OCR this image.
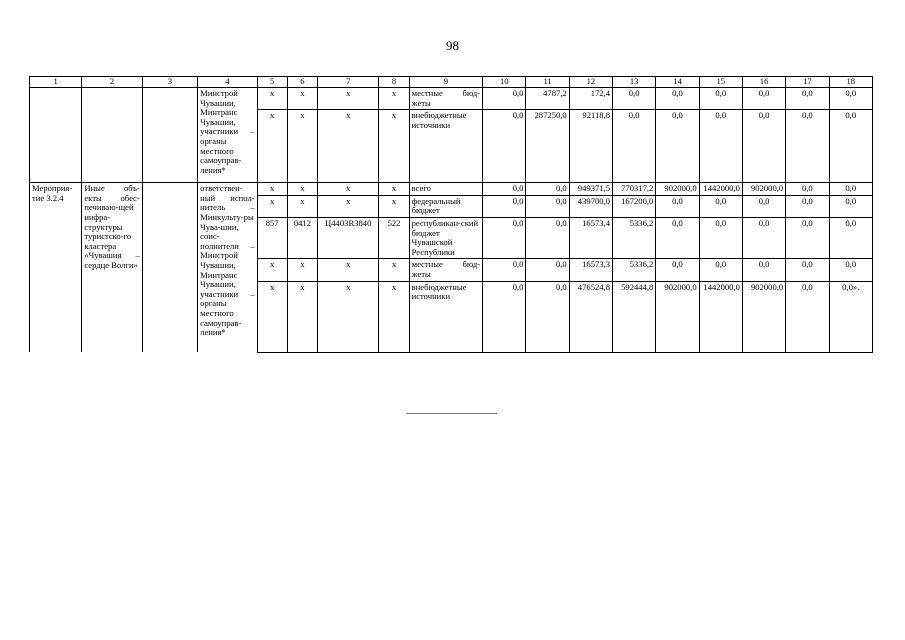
98
1	2	3	4	5	6	7	8	9	10	11	12	13	14	15	16	17	18
			Минстрой Чувашии, Минтранс Чувашии, участники – органы местного самоуправ-ления*	x	x	x	x	местные бюд-жеты	0,0	4787,2	172,4	0,0	0,0	0,0	0,0	0,0	0,0
				x	x	x	x	внебюджетные источники	0,0	287250,0	92118,8	0,0	0,0	0,0	0,0	0,0	0,0
Мероприя-тие 3.2.4	Иные объ-екты обес-печиваю-щей инфра-структуры туристско-го кластера «Чувашия – сердце Волги»		ответствен-ный испол-нитель – Минкульту-ры Чува-шии, соис-полнители – Минстрой Чувашии, Минтранс Чувашии, участники – органы местного самоуправ-ления*	x	x	x	x	всего	0,0	0,0	949371,5	770317,2	902000,0	1442000,0	902000,0	0,0	0,0
				x	x	x	x	федеральный бюджет	0,0	0,0	439700,0	167200,0	0,0	0,0	0,0	0,0	0,0
				857	0412	Ц4403R3840	522	республикан-ский бюджет Чувашской Республики	0,0	0,0	16573,4	5336,2	0,0	0,0	0,0	0,0	0,0
				x	x	x	x	местные бюд-жеты	0,0	0,0	16573,3	5336,2	0,0	0,0	0,0	0,0	0,0
				x	x	x	x	внебюджетные источники	0,0	0,0	476524,8	592444,8	902000,0	1442000,0	902000,0	0,0	0,0».
